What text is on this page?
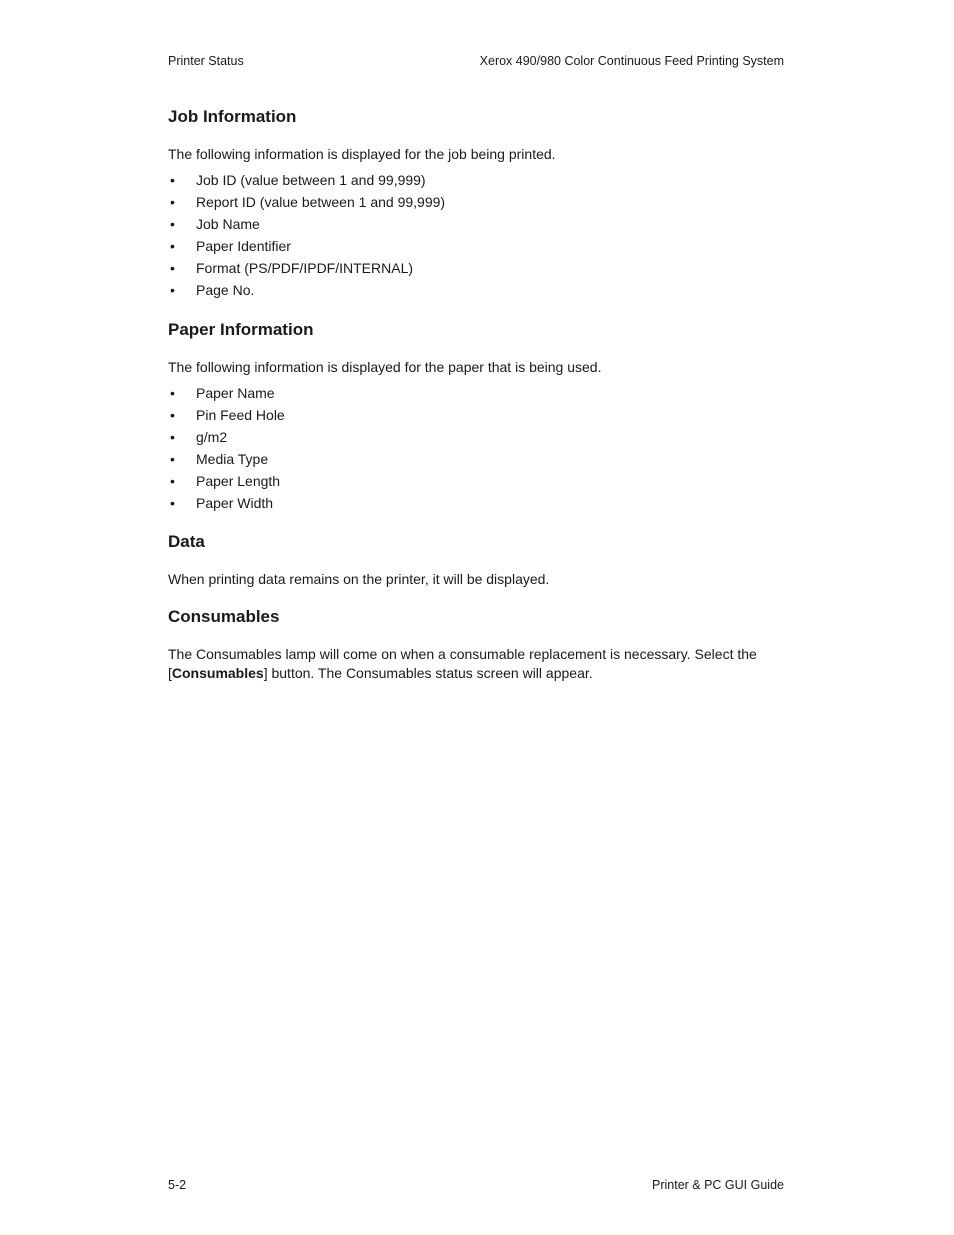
Printer Status	Xerox 490/980 Color Continuous Feed Printing System
Job Information

The following information is displayed for the job being printed.

• Job ID (value between 1 and 99,999)
• Report ID (value between 1 and 99,999)
• Job Name
• Paper Identifier
• Format (PS/PDF/IPDF/INTERNAL)
• Page No.
Paper Information

The following information is displayed for the paper that is being used.

• Paper Name
• Pin Feed Hole
• g/m2
• Media Type
• Paper Length
• Paper Width
Data

When printing data remains on the printer, it will be displayed.

Consumables

The Consumables lamp will come on when a consumable replacement is necessary. Select the
[Consumables] button. The Consumables status screen will appear.

5-2	Printer & PC GUI Guide
